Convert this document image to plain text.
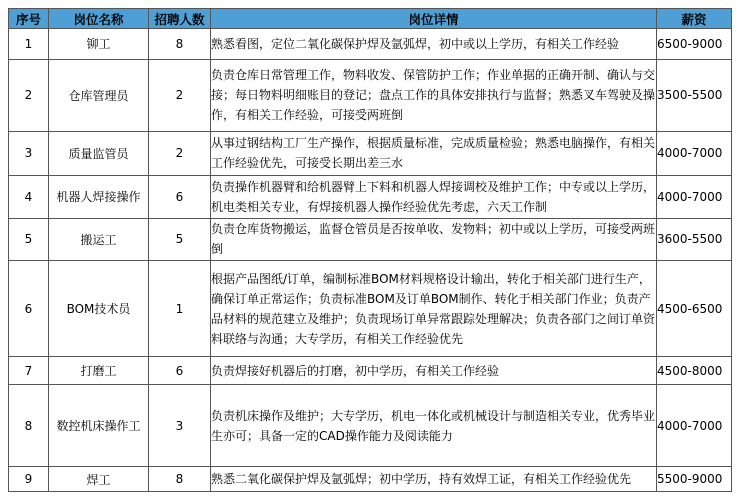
序号	岗位名称	招聘人数	岗位详情	薪资
1	铆工	8	熟悉看图，定位二氧化碳保护焊及氩弧焊，初中或以上学历，有相关工作经验	6500-9000
2	仓库管理员	2	负责仓库日常管理工作，物料收发、保管防护工作；作业单据的正确开制、确认与交接；每日物料明细账目的登记；盘点工作的具体安排执行与监督；熟悉叉车驾驶及操作，有相关工作经验，可接受两班倒	3500-5500
3	质量监管员	2	从事过钢结构工厂生产操作，根据质量标准，完成质量检验；熟悉电脑操作，有相关工作经验优先，可接受长期出差三水	4000-7000
4	机器人焊接操作	6	负责操作机器臂和给机器臂上下料和机器人焊接调校及维护工作；中专或以上学历，机电类相关专业，有焊接机器人操作经验优先考虑，六天工作制	4000-7000
5	搬运工	5	负责仓库货物搬运，监督仓管员是否按单收、发物料；初中或以上学历，可接受两班倒	3600-5500
6	BOM技术员	1	根据产品图纸/订单，编制标准BOM材料规格设计输出，转化于相关部门进行生产，确保订单正常运作；负责标准BOM及订单BOM制作、转化于相关部门作业；负责产品材料的规范建立及维护；负责现场订单异常跟踪处理解决；负责各部门之间订单资料联络与沟通；大专学历，有相关工作经验优先	4500-6500
7	打磨工	6	负责焊接好机器后的打磨，初中学历，有相关工作经验	4500-8000
8	数控机床操作工	3	负责机床操作及维护；大专学历，机电一体化或机械设计与制造相关专业，优秀毕业生亦可；具备一定的CAD操作能力及阅读能力	4000-7000
9	焊工	8	熟悉二氧化碳保护焊及氩弧焊；初中学历，持有效焊工证，有相关工作经验优先	5500-9000
